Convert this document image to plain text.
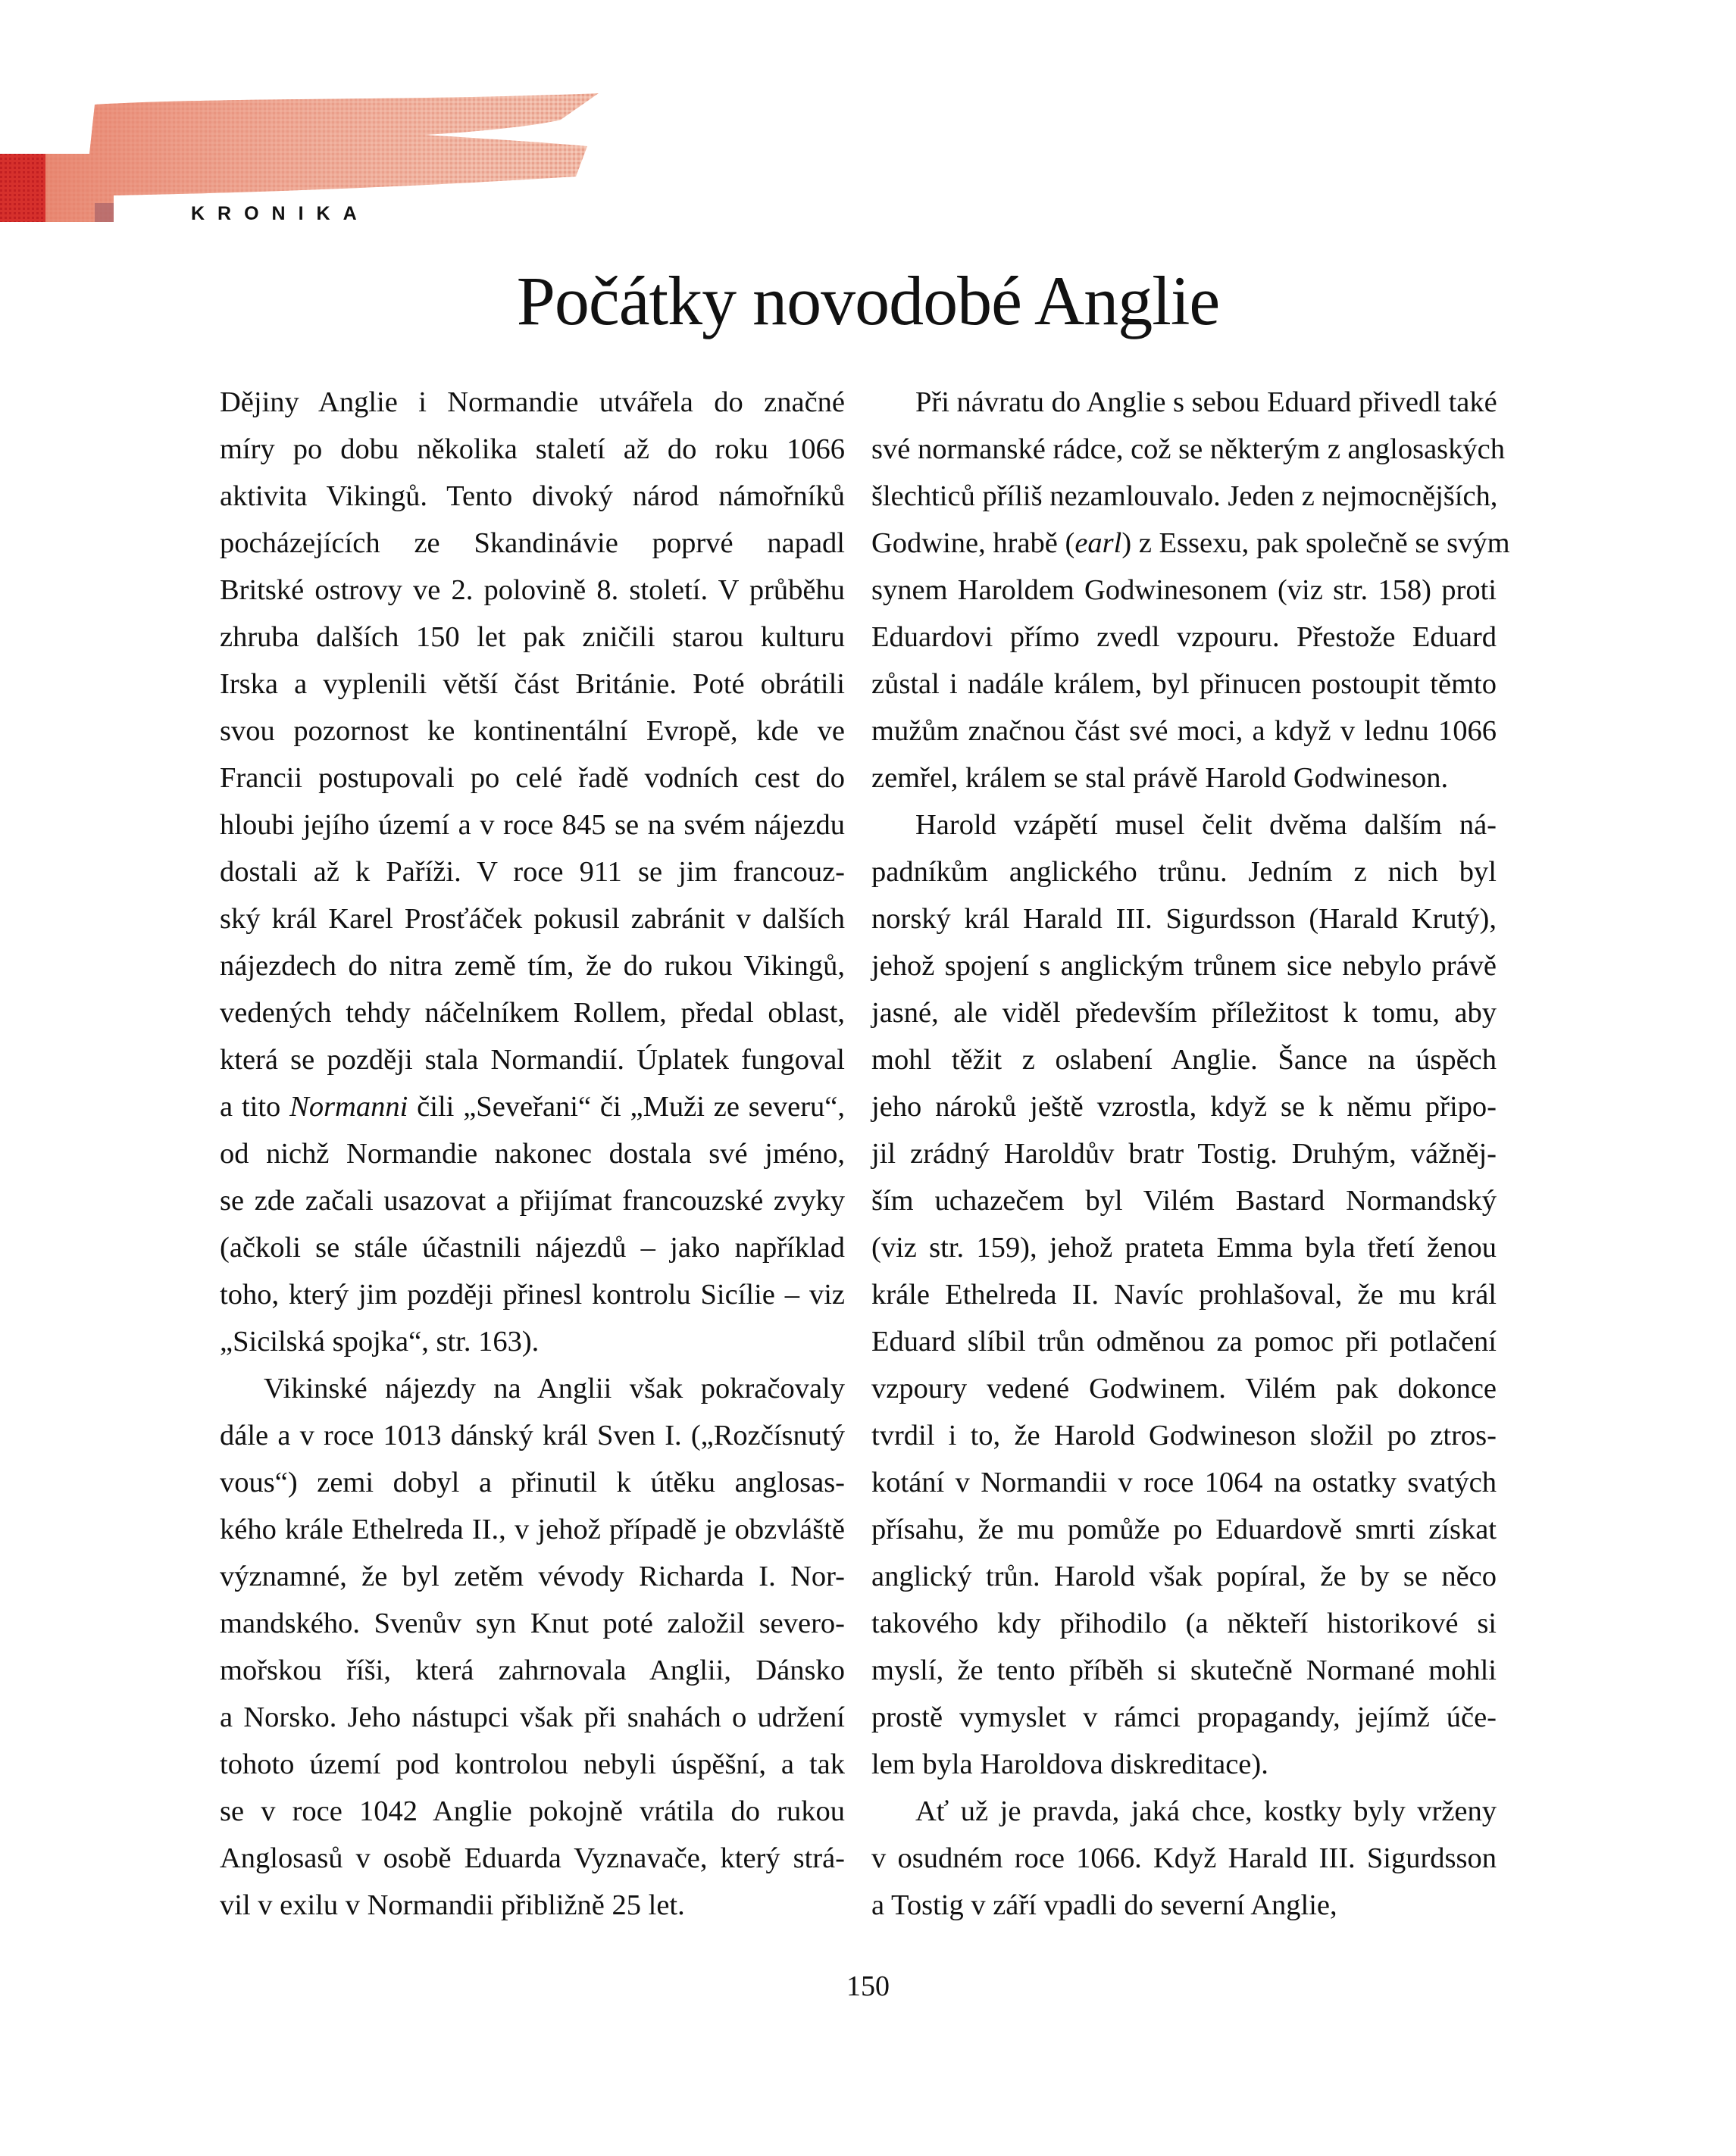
KRONIKA
Počátky novodobé Anglie
Dějiny Anglie i Normandie utvářela do značné
míry po dobu několika staletí až do roku 1066
aktivita Vikingů. Tento divoký národ námořníků
pocházejících ze Skandinávie poprvé napadl
Britské ostrovy ve 2. polovině 8. století. V průběhu
zhruba dalších 150 let pak zničili starou kulturu
Irska a vyplenili větší část Británie. Poté obrátili
svou pozornost ke kontinentální Evropě, kde ve
Francii postupovali po celé řadě vodních cest do
hloubi jejího území a v roce 845 se na svém nájezdu
dostali až k Paříži. V roce 911 se jim francouz-
ský král Karel Prosťáček pokusil zabránit v dalších
nájezdech do nitra země tím, že do rukou Vikingů,
vedených tehdy náčelníkem Rollem, předal oblast,
která se později stala Normandií. Úplatek fungoval
a tito Normanni čili „Seveřani“ či „Muži ze severu“,
od nichž Normandie nakonec dostala své jméno,
se zde začali usazovat a přijímat francouzské zvyky
(ačkoli se stále účastnili nájezdů – jako například
toho, který jim později přinesl kontrolu Sicílie – viz
„Sicilská spojka“, str. 163).
Vikinské nájezdy na Anglii však pokračovaly
dále a v roce 1013 dánský král Sven I. („Rozčísnutý
vous“) zemi dobyl a přinutil k útěku anglosas-
kého krále Ethelreda II., v jehož případě je obzvláště
významné, že byl zetěm vévody Richarda I. Nor-
mandského. Svenův syn Knut poté založil severo-
mořskou říši, která zahrnovala Anglii, Dánsko
a Norsko. Jeho nástupci však při snahách o udržení
tohoto území pod kontrolou nebyli úspěšní, a tak
se v roce 1042 Anglie pokojně vrátila do rukou
Anglosasů v osobě Eduarda Vyznavače, který strá-
vil v exilu v Normandii přibližně 25 let.
Při návratu do Anglie s sebou Eduard přivedl také
své normanské rádce, což se některým z anglosaských
šlechticů příliš nezamlouvalo. Jeden z nejmocnějších,
Godwine, hrabě (earl) z Essexu, pak společně se svým
synem Haroldem Godwinesonem (viz str. 158) proti
Eduardovi přímo zvedl vzpouru. Přestože Eduard
zůstal i nadále králem, byl přinucen postoupit těmto
mužům značnou část své moci, a když v lednu 1066
zemřel, králem se stal právě Harold Godwineson.
Harold vzápětí musel čelit dvěma dalším ná-
padníkům anglického trůnu. Jedním z nich byl
norský král Harald III. Sigurdsson (Harald Krutý),
jehož spojení s anglickým trůnem sice nebylo právě
jasné, ale viděl především příležitost k tomu, aby
mohl těžit z oslabení Anglie. Šance na úspěch
jeho nároků ještě vzrostla, když se k němu připo-
jil zrádný Haroldův bratr Tostig. Druhým, vážněj-
ším uchazečem byl Vilém Bastard Normandský
(viz str. 159), jehož prateta Emma byla třetí ženou
krále Ethelreda II. Navíc prohlašoval, že mu král
Eduard slíbil trůn odměnou za pomoc při potlačení
vzpoury vedené Godwinem. Vilém pak dokonce
tvrdil i to, že Harold Godwineson složil po ztros-
kotání v Normandii v roce 1064 na ostatky svatých
přísahu, že mu pomůže po Eduardově smrti získat
anglický trůn. Harold však popíral, že by se něco
takového kdy přihodilo (a někteří historikové si
myslí, že tento příběh si skutečně Normané mohli
prostě vymyslet v rámci propagandy, jejímž úče-
lem byla Haroldova diskreditace).
Ať už je pravda, jaká chce, kostky byly vrženy
v osudném roce 1066. Když Harald III. Sigurdsson
a Tostig v září vpadli do severní Anglie,
150
